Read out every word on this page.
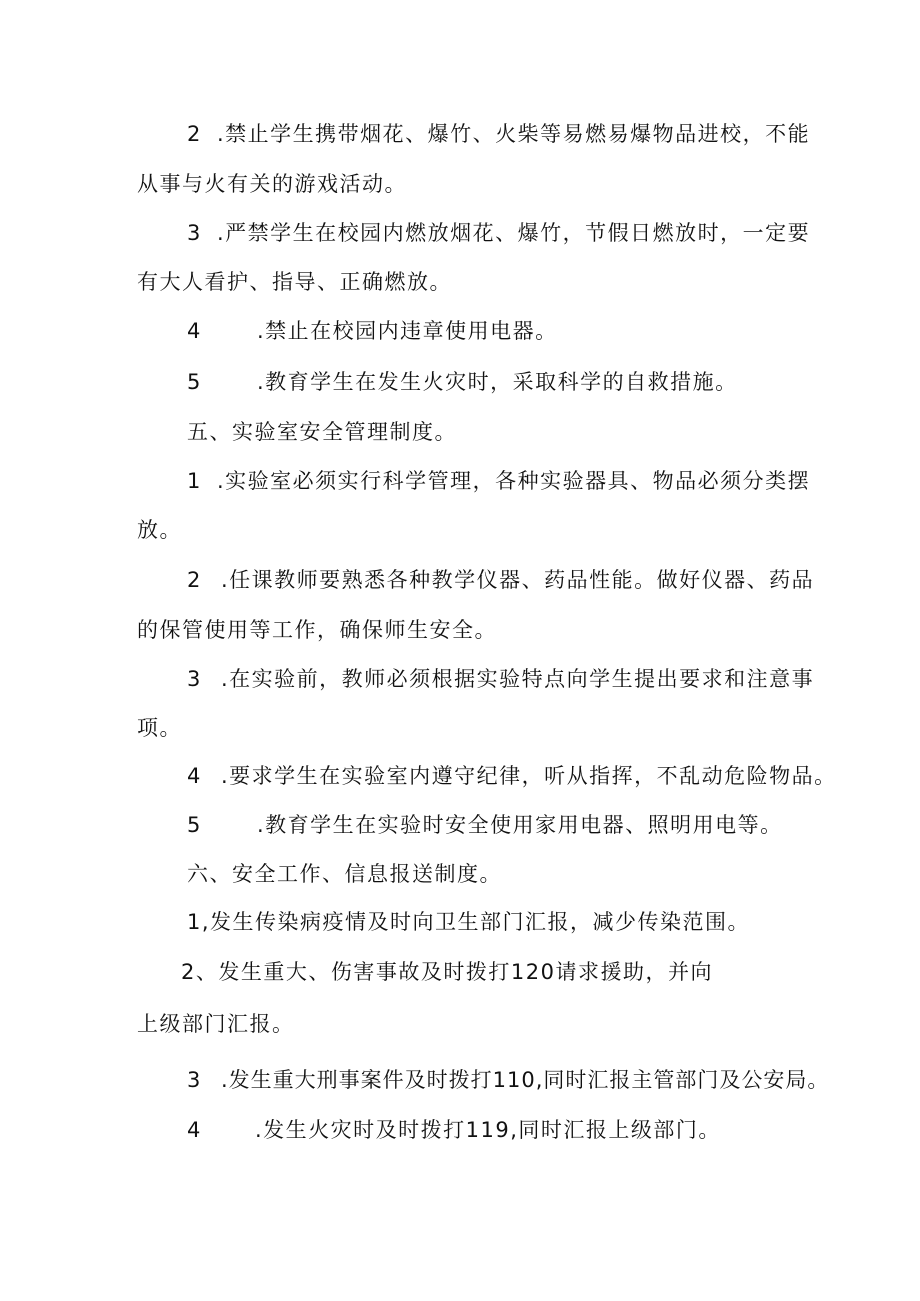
2 .禁止学生携带烟花、爆竹、火柴等易燃易爆物品进校，不能
从事与火有关的游戏活动。
3 .严禁学生在校园内燃放烟花、爆竹，节假日燃放时，一定要
有大人看护、指导、正确燃放。
4	.禁止在校园内违章使用电器。
5	.教育学生在发生火灾时，采取科学的自救措施。
五、实验室安全管理制度。
1 .实验室必须实行科学管理，各种实验器具、物品必须分类摆
放。
2 .任课教师要熟悉各种教学仪器、药品性能。做好仪器、药品
的保管使用等工作，确保师生安全。
3 .在实验前，教师必须根据实验特点向学生提出要求和注意事
项。
4 .要求学生在实验室内遵守纪律，听从指挥，不乱动危险物品。
5	.教育学生在实验时安全使用家用电器、照明用电等。
六、安全工作、信息报送制度。
1,发生传染病疫情及时向卫生部门汇报，减少传染范围。
2、发生重大、伤害事故及时拨打120请求援助，并向
上级部门汇报。
3 .发生重大刑事案件及时拨打110,同时汇报主管部门及公安局。
4	.发生火灾时及时拨打119,同时汇报上级部门。
